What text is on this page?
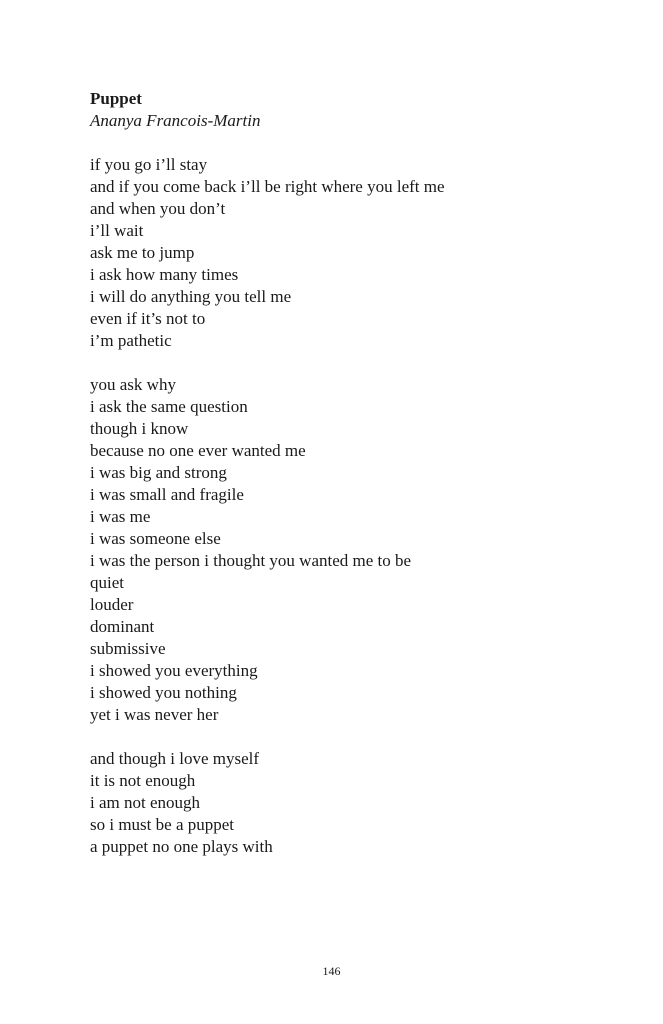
Puppet
Ananya Francois-Martin
if you go i’ll stay
and if you come back i’ll be right where you left me
and when you don’t
i’ll wait
ask me to jump
i ask how many times
i will do anything you tell me
even if it’s not to
i’m pathetic
you ask why
i ask the same question
though i know
because no one ever wanted me
i was big and strong
i was small and fragile
i was me
i was someone else
i was the person i thought you wanted me to be
quiet
louder
dominant
submissive
i showed you everything
i showed you nothing
yet i was never her
and though i love myself
it is not enough
i am not enough
so i must be a puppet
a puppet no one plays with
146
